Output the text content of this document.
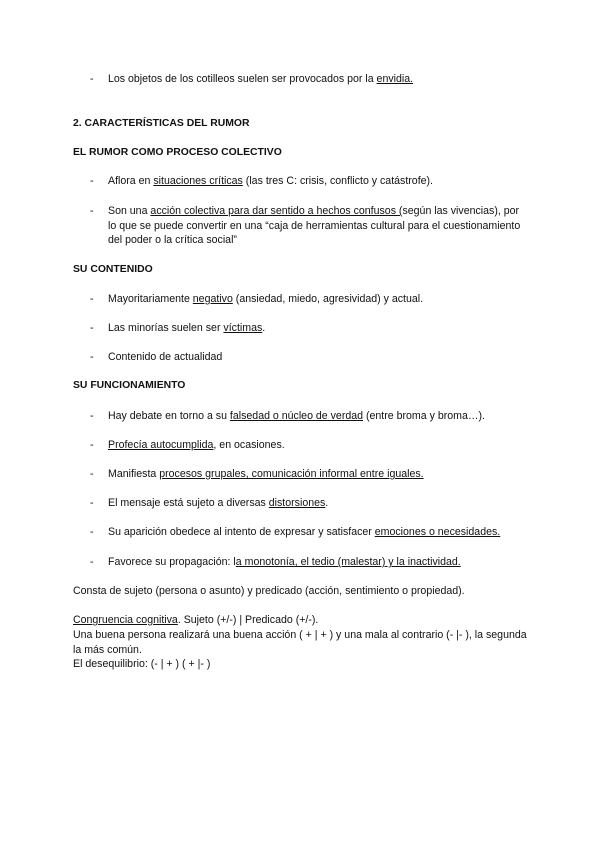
- Los objetos de los cotilleos suelen ser provocados por la envidia.
2. CARACTERÍSTICAS DEL RUMOR
EL RUMOR COMO PROCESO COLECTIVO
- Aflora en situaciones críticas (las tres C: crisis, conflicto y catástrofe).
- Son una acción colectiva para dar sentido a hechos confusos (según las vivencias), por lo que se puede convertir en una “caja de herramientas cultural para el cuestionamiento del poder o la crítica social”
SU CONTENIDO
- Mayoritariamente negativo (ansiedad, miedo, agresividad) y actual.
- Las minorías suelen ser víctimas.
- Contenido de actualidad
SU FUNCIONAMIENTO
- Hay debate en torno a su falsedad o núcleo de verdad (entre broma y broma…).
- Profecía autocumplida, en ocasiones.
- Manifiesta procesos grupales, comunicación informal entre iguales.
- El mensaje está sujeto a diversas distorsiones.
- Su aparición obedece al intento de expresar y satisfacer emociones o necesidades.
- Favorece su propagación: la monotonía, el tedio (malestar) y la inactividad.
Consta de sujeto (persona o asunto) y predicado (acción, sentimiento o propiedad).
Congruencia cognitiva. Sujeto (+/-) | Predicado (+/-).
Una buena persona realizará una buena acción ( + | + ) y una mala al contrario (- |- ), la segunda la más común.
El desequilibrio: (- | + ) ( + |- )
